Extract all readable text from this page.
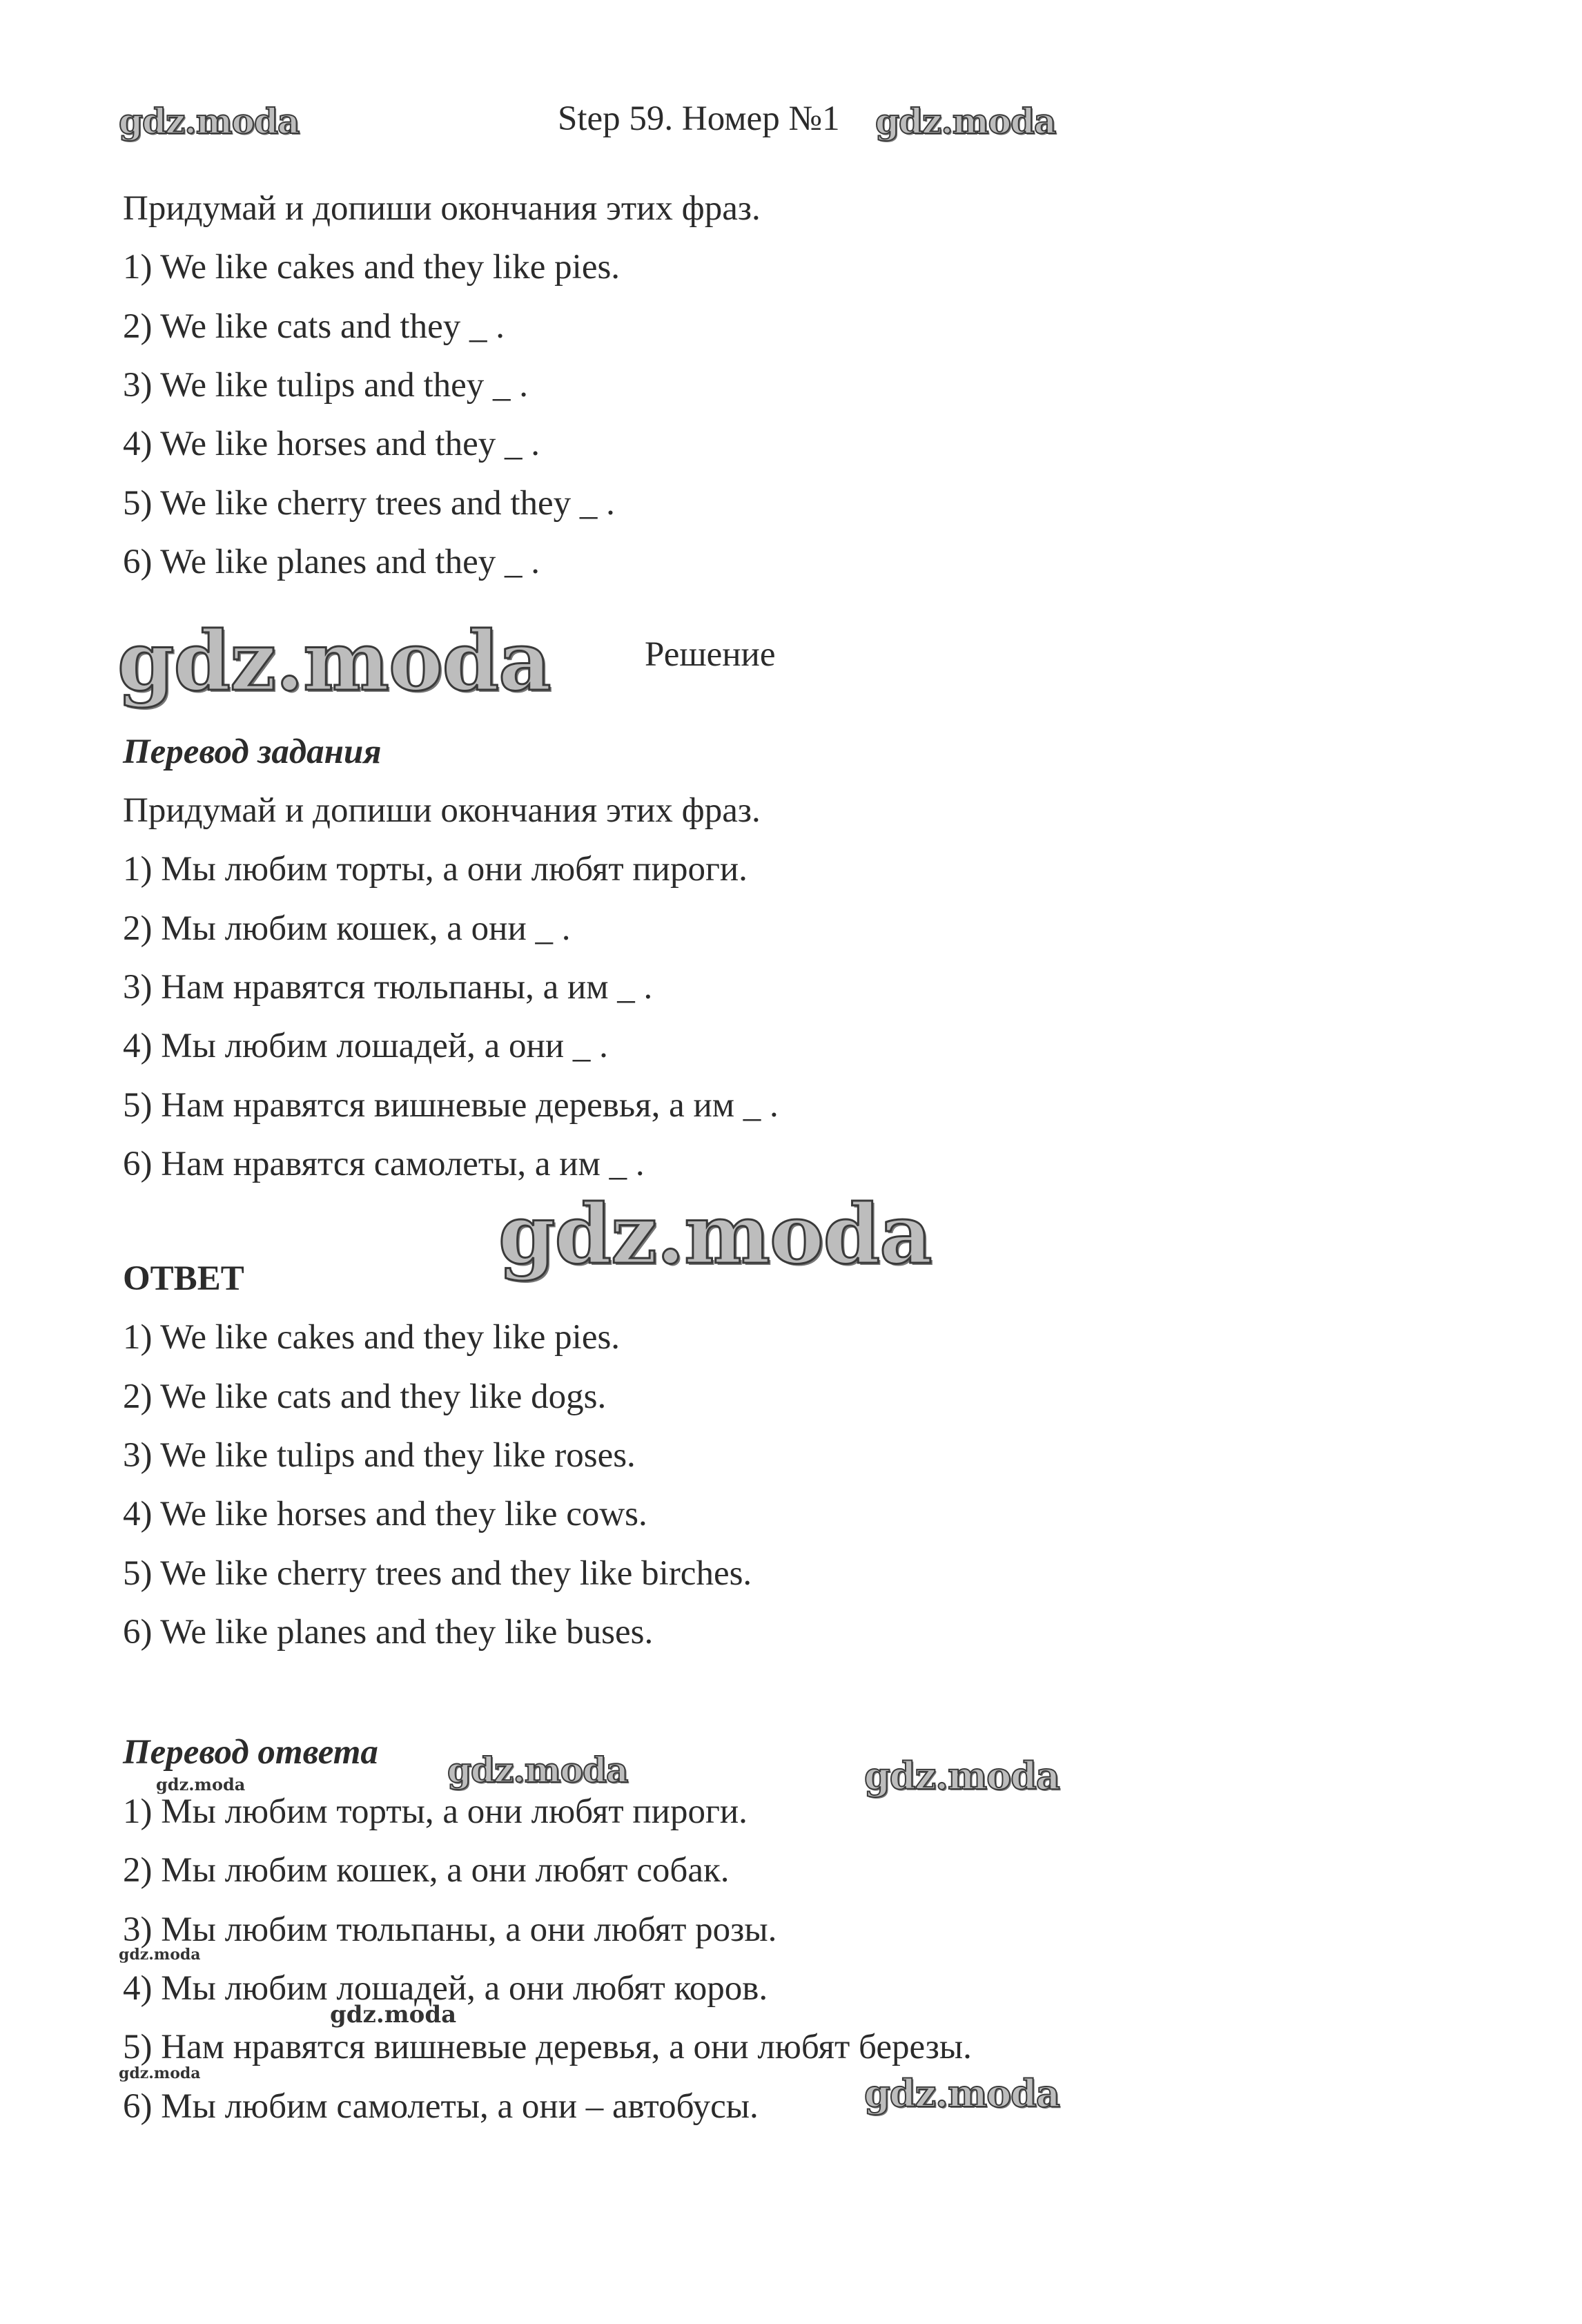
gdz.moda	Step 59. Номер №1 gdz.moda
Придумай и допиши окончания этих фраз.
1) We like cakes and they like pies.
2) We like cats and they _ .
3) We like tulips and they _ .
4) We like horses and they _ .
5) We like cherry trees and they _ .
6) We like planes and they _ .
gdz.moda	Решение
Перевод задания
Придумай и допиши окончания этих фраз.
1) Мы любим торты, а они любят пироги.
2) Мы любим кошек, а они _ .
3) Нам нравятся тюльпаны, а им _ .
4) Мы любим лошадей, а они _ .
5) Нам нравятся вишневые деревья, а им _ .
6) Нам нравятся самолеты, а им _ .
gdz.moda
ОТВЕТ
1) We like cakes and they like pies.
2) We like cats and they like dogs.
3) We like tulips and they like roses.
4) We like horses and they like cows.
5) We like cherry trees and they like birches.
6) We like planes and they like buses.
Перевод ответа gdz.moda	gdz.moda
gdz.moda
1) Мы любим торты, а они любят пироги.
2) Мы любим кошек, а они любят собак.
3) Мы любим тюльпаны, а они любят розы.
gdz.moda
4) Мы любим лошадей, а они любят коров.
gdz.moda
5) Нам нравятся вишневые деревья, а они любят березы.
gdz.moda
6) Мы любим самолеты, а они – автобусы.	gdz.moda
